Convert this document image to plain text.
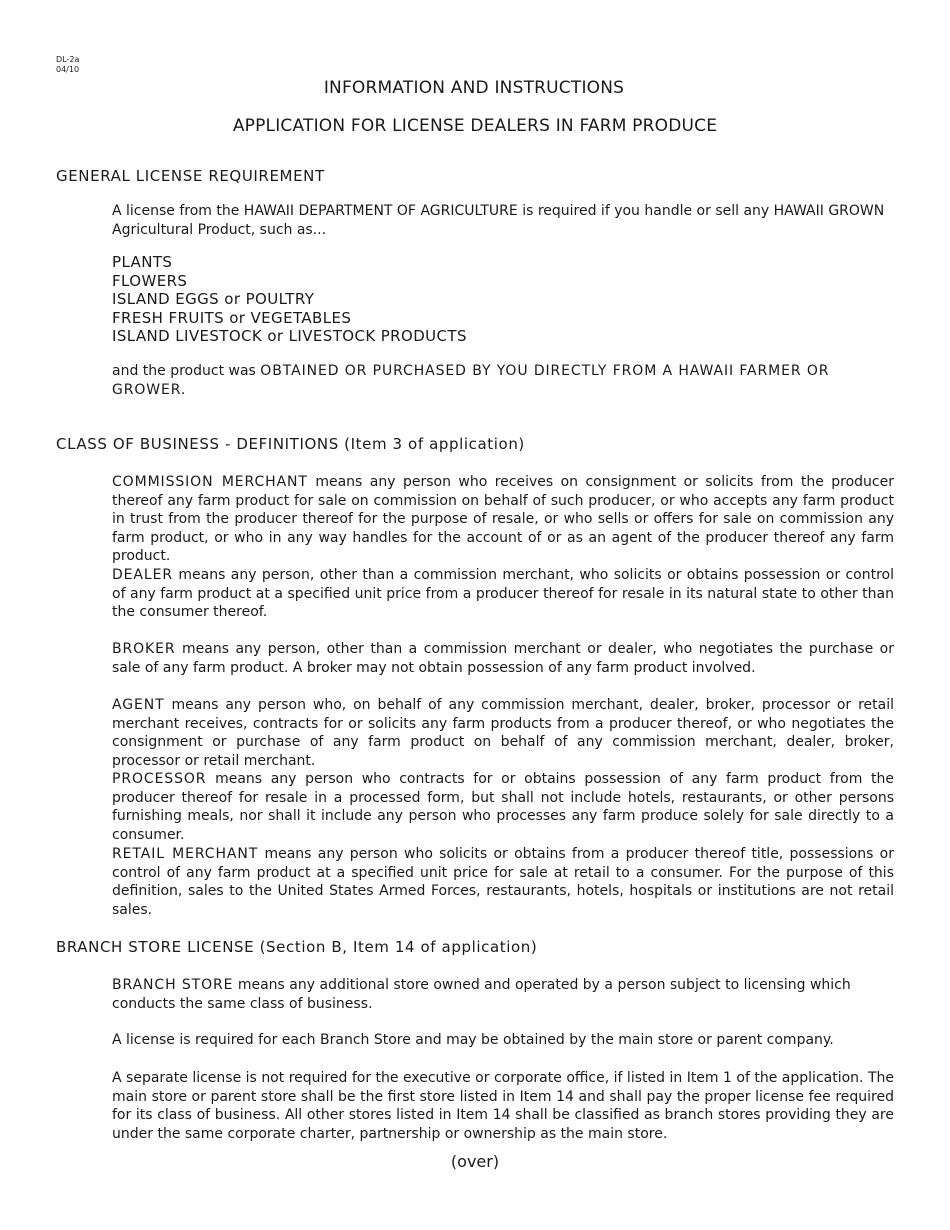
DL-2a
04/10
INFORMATION AND INSTRUCTIONS
APPLICATION FOR LICENSE DEALERS IN FARM PRODUCE
GENERAL LICENSE REQUIREMENT
A license from the HAWAII DEPARTMENT OF AGRICULTURE is required if you handle or sell any HAWAII GROWN Agricultural Product, such as...
PLANTS
FLOWERS
ISLAND EGGS or POULTRY
FRESH FRUITS or VEGETABLES
ISLAND LIVESTOCK or LIVESTOCK PRODUCTS
and the product was OBTAINED OR PURCHASED BY YOU DIRECTLY FROM A HAWAII FARMER OR GROWER.
CLASS OF BUSINESS - DEFINITIONS (Item 3 of application)
COMMISSION MERCHANT means any person who receives on consignment or solicits from the producer thereof any farm product for sale on commission on behalf of such producer, or who accepts any farm product in trust from the producer thereof for the purpose of resale, or who sells or offers for sale on commission any farm product, or who in any way handles for the account of or as an agent of the producer thereof any farm product.
DEALER means any person, other than a commission merchant, who solicits or obtains possession or control of any farm product at a specified unit price from a producer thereof for resale in its natural state to other than the consumer thereof.
BROKER means any person, other than a commission merchant or dealer, who negotiates the purchase or sale of any farm product. A broker may not obtain possession of any farm product involved.
AGENT means any person who, on behalf of any commission merchant, dealer, broker, processor or retail merchant receives, contracts for or solicits any farm products from a producer thereof, or who negotiates the consignment or purchase of any farm product on behalf of any commission merchant, dealer, broker, processor or retail merchant.
PROCESSOR means any person who contracts for or obtains possession of any farm product from the producer thereof for resale in a processed form, but shall not include hotels, restaurants, or other persons furnishing meals, nor shall it include any person who processes any farm produce solely for sale directly to a consumer.
RETAIL MERCHANT means any person who solicits or obtains from a producer thereof title, possessions or control of any farm product at a specified unit price for sale at retail to a consumer. For the purpose of this definition, sales to the United States Armed Forces, restaurants, hotels, hospitals or institutions are not retail sales.
BRANCH STORE LICENSE (Section B, Item 14 of application)
BRANCH STORE means any additional store owned and operated by a person subject to licensing which conducts the same class of business.
A license is required for each Branch Store and may be obtained by the main store or parent company.
A separate license is not required for the executive or corporate office, if listed in Item 1 of the application. The main store or parent store shall be the first store listed in Item 14 and shall pay the proper license fee required for its class of business. All other stores listed in Item 14 shall be classified as branch stores providing they are under the same corporate charter, partnership or ownership as the main store.
(over)
